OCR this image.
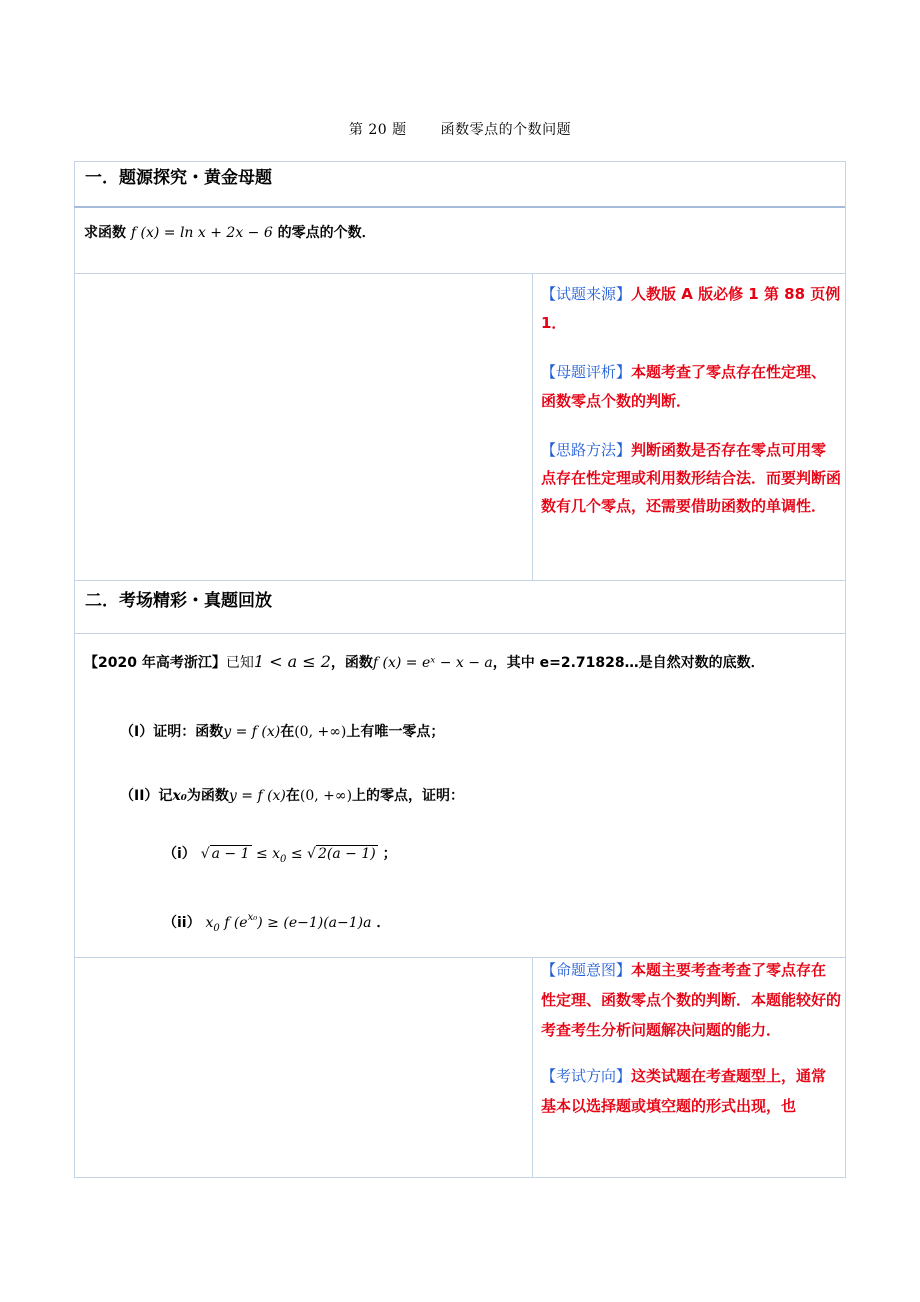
第 20 题 函数零点的个数问题
一．题源探究・黄金母题
求函数 f (x) = ln x + 2x − 6 的零点的个数．

【试题来源】人教版 A 版必修 1 第 88 页例 1．

【母题评析】本题考查了零点存在性定理、函数零点个数的判断．

【思路方法】判断函数是否存在零点可用零点存在性定理或利用数形结合法．而要判断函数有几个零点，还需要借助函数的单调性．

二．考场精彩・真题回放
【2020 年高考浙江】已知1 < a ≤ 2，函数f (x) = eˣ − x − a，其中 e=2.71828…是自然对数的底数．
（I）证明：函数y = f (x)在(0, +∞)上有唯一零点；
（II）记x₀为函数y = f (x)在(0, +∞)上的零点，证明：
（i） √ $a - 1 \le x_0$ ≤ √ 2(a − 1) ；
（ii） $x_0$ f $(e^{x_0}) \ge (e-1)(a-1)a$ ．

【命题意图】本题主要考查考查了零点存在性定理、函数零点个数的判断．本题能较好的考查考生分析问题解决问题的能力．

【考试方向】这类试题在考查题型上，通常基本以选择题或填空题的形式出现，也
